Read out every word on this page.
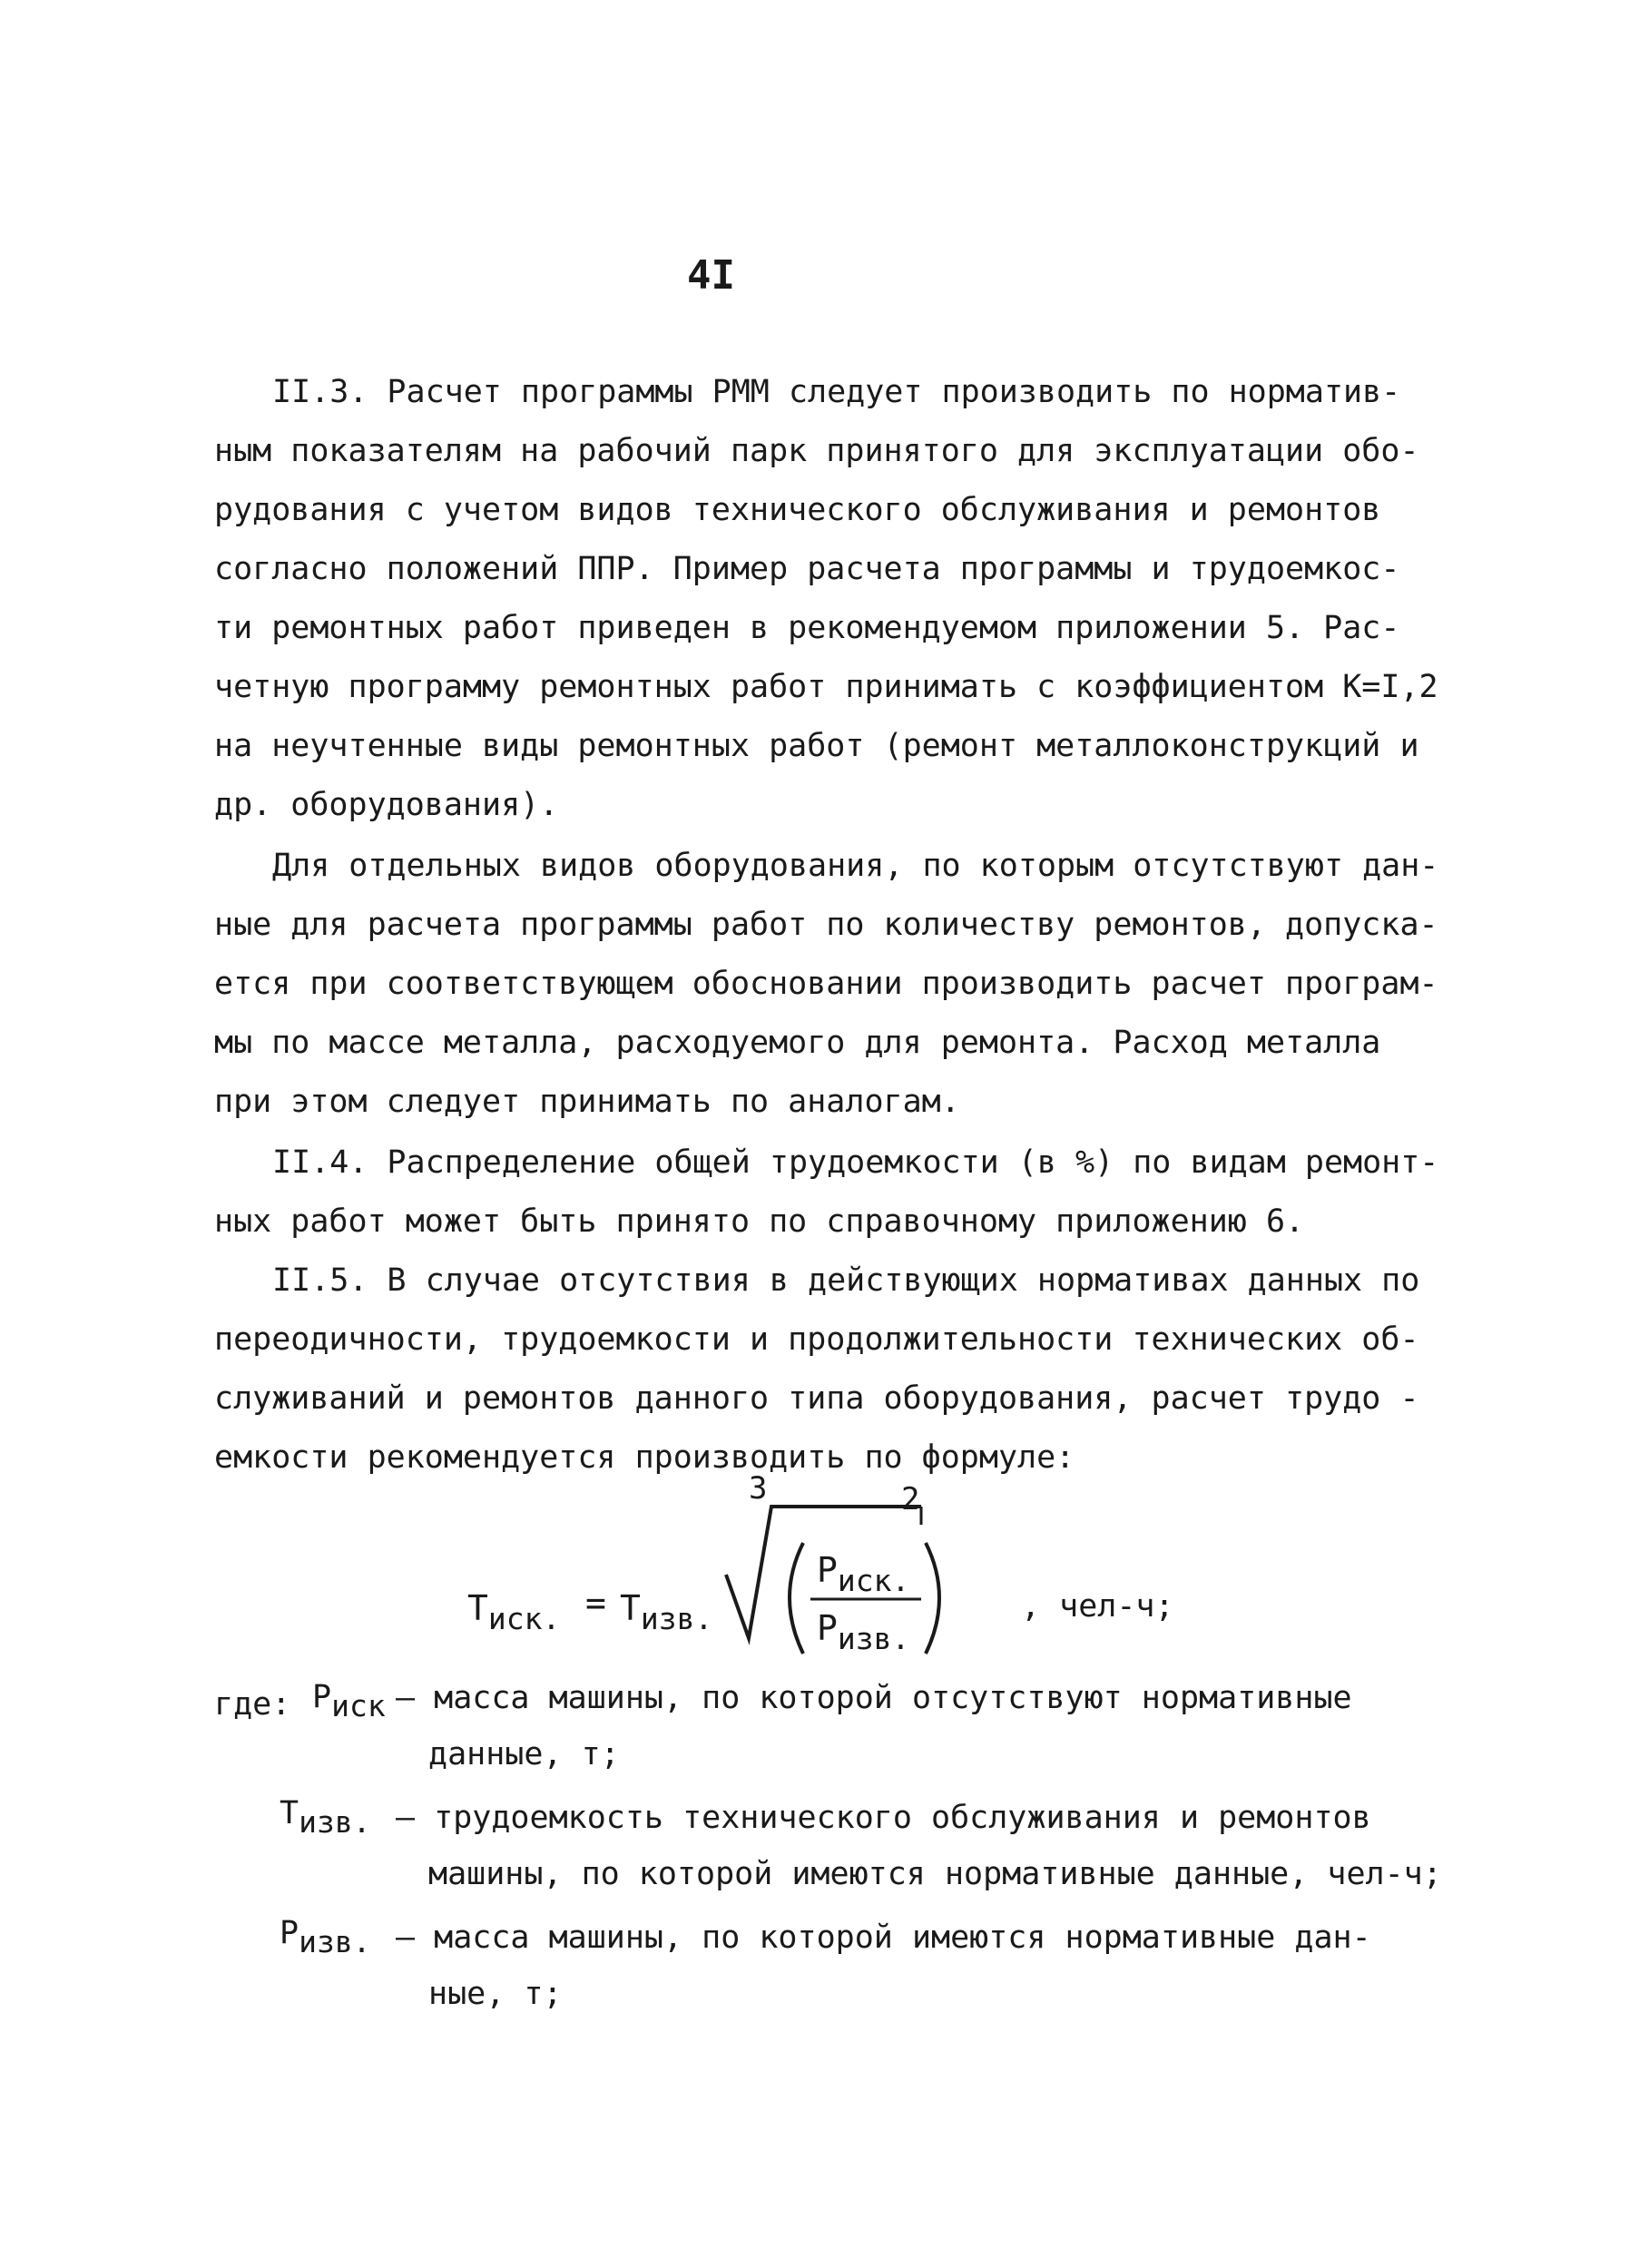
4I
II.3. Расчет программы РММ следует производить по норматив-
ным показателям на рабочий парк принятого для эксплуатации обо-
рудования с учетом видов технического обслуживания и ремонтов
согласно положений ППР. Пример расчета программы и трудоемкос-
ти ремонтных работ приведен в рекомендуемом приложении 5. Рас-
четную программу ремонтных работ принимать с коэффициентом К=I,2
на неучтенные виды ремонтных работ (ремонт металлоконструкций и
др. оборудования).
Для отдельных видов оборудования, по которым отсутствуют дан-
ные для расчета программы работ по количеству ремонтов, допуска-
ется при соответствующем обосновании производить расчет програм-
мы по массе металла, расходуемого для ремонта. Расход металла
при этом следует принимать по аналогам.
II.4. Распределение общей трудоемкости (в %) по видам ремонт-
ных работ может быть принято по справочному приложению 6.
II.5. В случае отсутствия в действующих нормативах данных по
переодичности, трудоемкости и продолжительности технических об-
служиваний и ремонтов данного типа оборудования, расчет трудо -
емкости рекомендуется производить по формуле:
Тиск. = Тизв.
3	2
Риск.
Ризв.
, чел-ч;
где: Риск – масса машины, по которой отсутствуют нормативные
данные, т;
Тизв. – трудоемкость технического обслуживания и ремонтов
машины, по которой имеются нормативные данные, чел-ч;
Ризв. – масса машины, по которой имеются нормативные дан-
ные, т;
